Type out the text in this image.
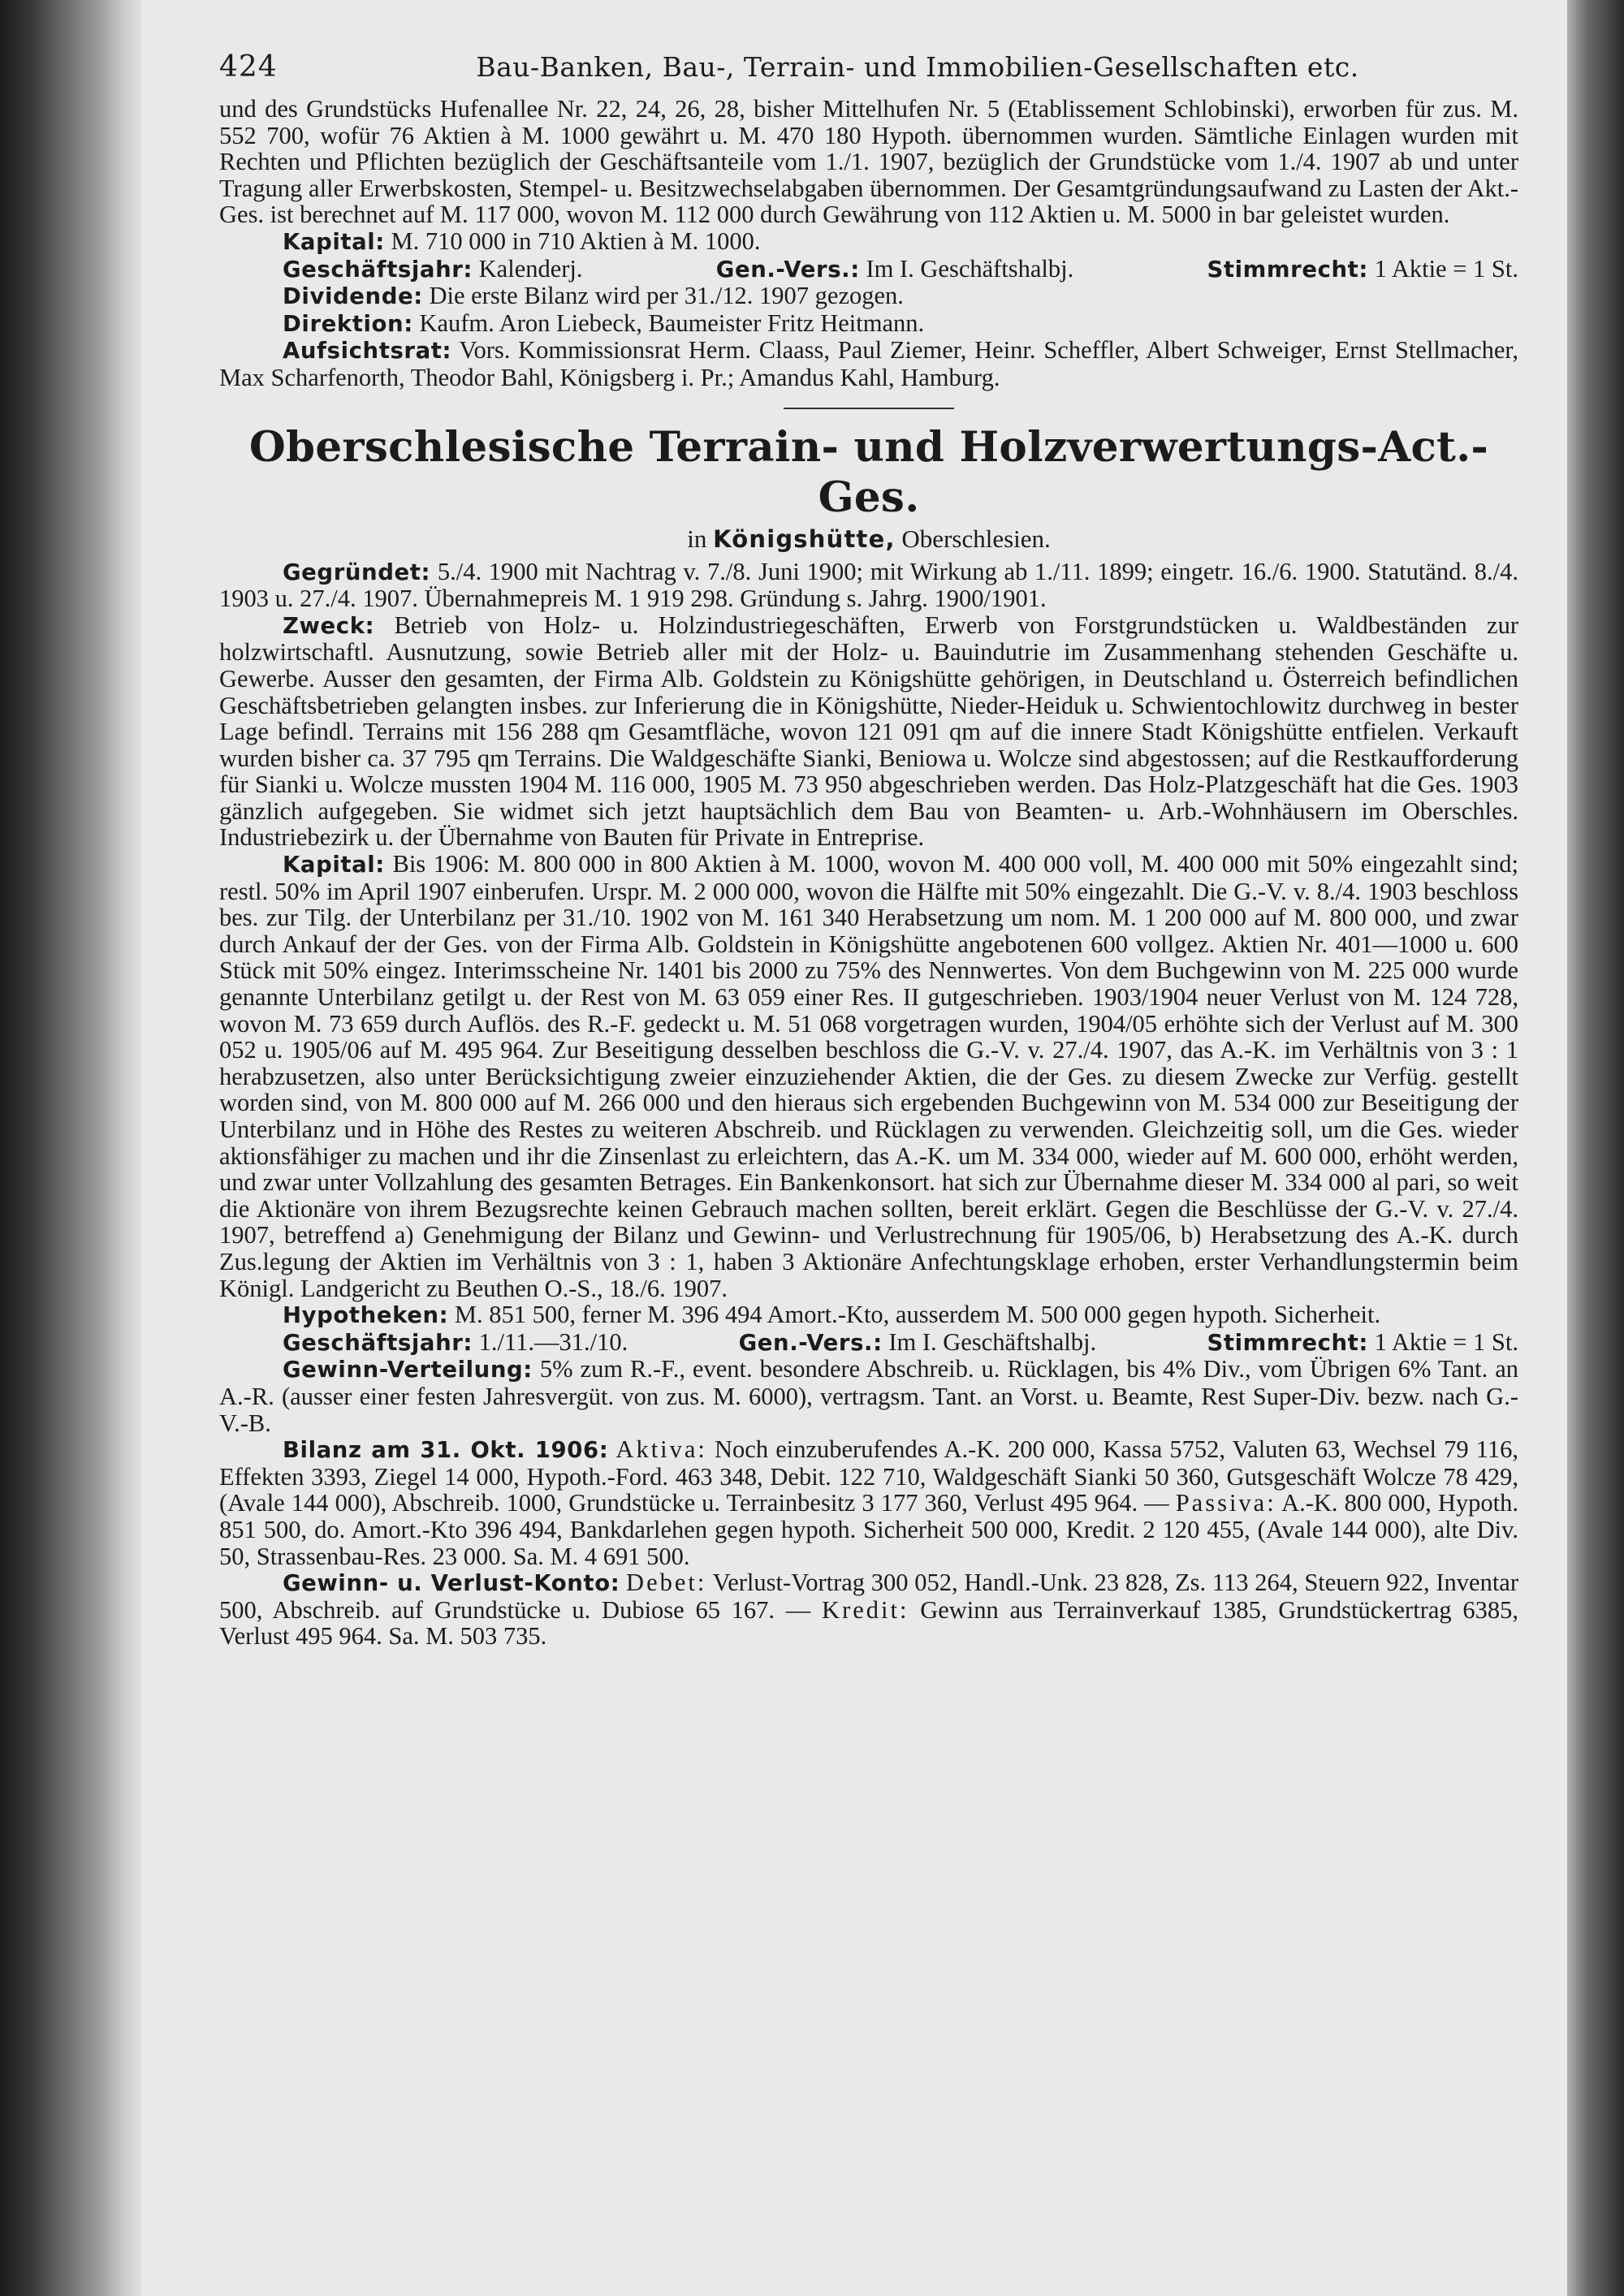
424	Bau-Banken, Bau-, Terrain- und Immobilien-Gesellschaften etc.

und des Grundstücks Hufenallee Nr. 22, 24, 26, 28, bisher Mittelhufen Nr. 5 (Etablissement Schlobinski), erworben für zus. M. 552 700, wofür 76 Aktien à M. 1000 gewährt u. M. 470 180 Hypoth. übernommen wurden. Sämtliche Einlagen wurden mit Rechten und Pflichten bezüglich der Geschäftsanteile vom 1./1. 1907, bezüglich der Grundstücke vom 1./4. 1907 ab und unter Tragung aller Erwerbskosten, Stempel- u. Besitzwechselabgaben übernommen. Der Gesamtgründungsaufwand zu Lasten der Akt.-Ges. ist berechnet auf M. 117 000, wovon M. 112 000 durch Gewährung von 112 Aktien u. M. 5000 in bar geleistet wurden.

Kapital: M. 710 000 in 710 Aktien à M. 1000.

Geschäftsjahr: Kalenderj.	Gen.-Vers.: Im I. Geschäftshalbj.	Stimmrecht: 1 Aktie = 1 St.

Dividende: Die erste Bilanz wird per 31./12. 1907 gezogen.

Direktion: Kaufm. Aron Liebeck, Baumeister Fritz Heitmann.

Aufsichtsrat: Vors. Kommissionsrat Herm. Claass, Paul Ziemer, Heinr. Scheffler, Albert Schweiger, Ernst Stellmacher, Max Scharfenorth, Theodor Bahl, Königsberg i. Pr.; Amandus Kahl, Hamburg.

Oberschlesische Terrain- und Holzverwertungs-Act.-Ges.
in Königshütte, Oberschlesien.

Gegründet: 5./4. 1900 mit Nachtrag v. 7./8. Juni 1900; mit Wirkung ab 1./11. 1899; eingetr. 16./6. 1900. Statutänd. 8./4. 1903 u. 27./4. 1907. Übernahmepreis M. 1 919 298. Gründung s. Jahrg. 1900/1901.

Zweck: Betrieb von Holz- u. Holzindustriegeschäften, Erwerb von Forstgrundstücken u. Waldbeständen zur holzwirtschaftl. Ausnutzung, sowie Betrieb aller mit der Holz- u. Bauindutrie im Zusammenhang stehenden Geschäfte u. Gewerbe. Ausser den gesamten, der Firma Alb. Goldstein zu Königshütte gehörigen, in Deutschland u. Österreich befindlichen Geschäftsbetrieben gelangten insbes. zur Inferierung die in Königshütte, Nieder-Heiduk u. Schwientochlowitz durchweg in bester Lage befindl. Terrains mit 156 288 qm Gesamtfläche, wovon 121 091 qm auf die innere Stadt Königshütte entfielen. Verkauft wurden bisher ca. 37 795 qm Terrains. Die Waldgeschäfte Sianki, Beniowa u. Wolcze sind abgestossen; auf die Restkaufforderung für Sianki u. Wolcze mussten 1904 M. 116 000, 1905 M. 73 950 abgeschrieben werden. Das Holz-Platzgeschäft hat die Ges. 1903 gänzlich aufgegeben. Sie widmet sich jetzt hauptsächlich dem Bau von Beamten- u. Arb.-Wohnhäusern im Oberschles. Industriebezirk u. der Übernahme von Bauten für Private in Entreprise.

Kapital: Bis 1906: M. 800 000 in 800 Aktien à M. 1000, wovon M. 400 000 voll, M. 400 000 mit 50% eingezahlt sind; restl. 50% im April 1907 einberufen. Urspr. M. 2 000 000, wovon die Hälfte mit 50% eingezahlt. Die G.-V. v. 8./4. 1903 beschloss bes. zur Tilg. der Unterbilanz per 31./10. 1902 von M. 161 340 Herabsetzung um nom. M. 1 200 000 auf M. 800 000, und zwar durch Ankauf der der Ges. von der Firma Alb. Goldstein in Königshütte angebotenen 600 vollgez. Aktien Nr. 401—1000 u. 600 Stück mit 50% eingez. Interimsscheine Nr. 1401 bis 2000 zu 75% des Nennwertes. Von dem Buchgewinn von M. 225 000 wurde genannte Unterbilanz getilgt u. der Rest von M. 63 059 einer Res. II gutgeschrieben. 1903/1904 neuer Verlust von M. 124 728, wovon M. 73 659 durch Auflös. des R.-F. gedeckt u. M. 51 068 vorgetragen wurden, 1904/05 erhöhte sich der Verlust auf M. 300 052 u. 1905/06 auf M. 495 964. Zur Beseitigung desselben beschloss die G.-V. v. 27./4. 1907, das A.-K. im Verhältnis von 3 : 1 herabzusetzen, also unter Berücksichtigung zweier einzuziehender Aktien, die der Ges. zu diesem Zwecke zur Verfüg. gestellt worden sind, von M. 800 000 auf M. 266 000 und den hieraus sich ergebenden Buchgewinn von M. 534 000 zur Beseitigung der Unterbilanz und in Höhe des Restes zu weiteren Abschreib. und Rücklagen zu verwenden. Gleichzeitig soll, um die Ges. wieder aktionsfähiger zu machen und ihr die Zinsenlast zu erleichtern, das A.-K. um M. 334 000, wieder auf M. 600 000, erhöht werden, und zwar unter Vollzahlung des gesamten Betrages. Ein Bankenkonsort. hat sich zur Übernahme dieser M. 334 000 al pari, so weit die Aktionäre von ihrem Bezugsrechte keinen Gebrauch machen sollten, bereit erklärt. Gegen die Beschlüsse der G.-V. v. 27./4. 1907, betreffend a) Genehmigung der Bilanz und Gewinn- und Verlustrechnung für 1905/06, b) Herabsetzung des A.-K. durch Zus.legung der Aktien im Verhältnis von 3 : 1, haben 3 Aktionäre Anfechtungsklage erhoben, erster Verhandlungstermin beim Königl. Landgericht zu Beuthen O.-S., 18./6. 1907.

Hypotheken: M. 851 500, ferner M. 396 494 Amort.-Kto, ausserdem M. 500 000 gegen hypoth. Sicherheit.

Geschäftsjahr: 1./11.—31./10.	Gen.-Vers.: Im I. Geschäftshalbj.	Stimmrecht: 1 Aktie = 1 St.

Gewinn-Verteilung: 5% zum R.-F., event. besondere Abschreib. u. Rücklagen, bis 4% Div., vom Übrigen 6% Tant. an A.-R. (ausser einer festen Jahresvergüt. von zus. M. 6000), vertragsm. Tant. an Vorst. u. Beamte, Rest Super-Div. bezw. nach G.-V.-B.

Bilanz am 31. Okt. 1906: Aktiva: Noch einzuberufendes A.-K. 200 000, Kassa 5752, Valuten 63, Wechsel 79 116, Effekten 3393, Ziegel 14 000, Hypoth.-Ford. 463 348, Debit. 122 710, Waldgeschäft Sianki 50 360, Gutsgeschäft Wolcze 78 429, (Avale 144 000), Abschreib. 1000, Grundstücke u. Terrainbesitz 3 177 360, Verlust 495 964. — Passiva: A.-K. 800 000, Hypoth. 851 500, do. Amort.-Kto 396 494, Bankdarlehen gegen hypoth. Sicherheit 500 000, Kredit. 2 120 455, (Avale 144 000), alte Div. 50, Strassenbau-Res. 23 000. Sa. M. 4 691 500.

Gewinn- u. Verlust-Konto: Debet: Verlust-Vortrag 300 052, Handl.-Unk. 23 828, Zs. 113 264, Steuern 922, Inventar 500, Abschreib. auf Grundstücke u. Dubiose 65 167. — Kredit: Gewinn aus Terrainverkauf 1385, Grundstückertrag 6385, Verlust 495 964. Sa. M. 503 735.
